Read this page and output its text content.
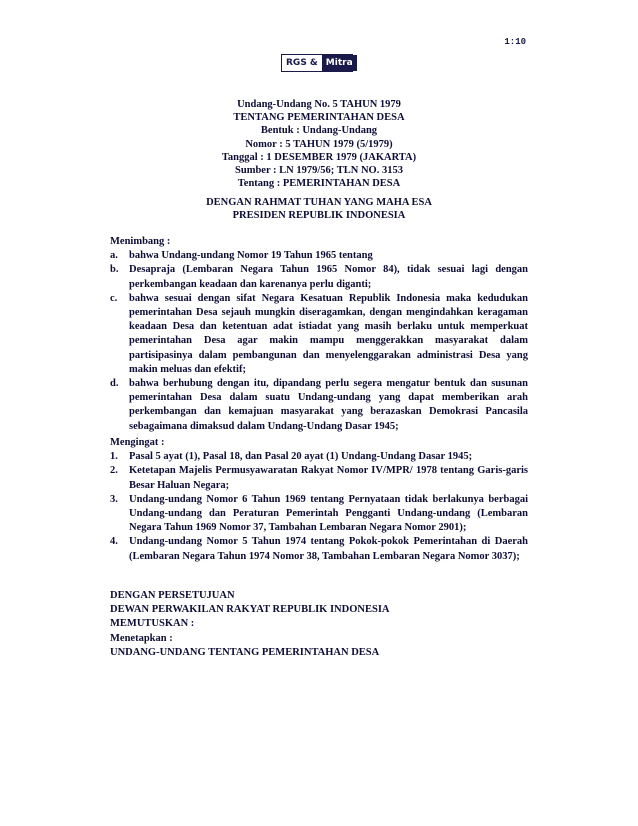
1:10
RGS & Mitra
Undang-Undang No. 5 TAHUN 1979
TENTANG PEMERINTAHAN DESA
Bentuk : Undang-Undang
Nomor : 5 TAHUN 1979 (5/1979)
Tanggal : 1 DESEMBER 1979 (JAKARTA)
Sumber : LN 1979/56; TLN NO. 3153
Tentang : PEMERINTAHAN DESA
DENGAN RAHMAT TUHAN YANG MAHA ESA
PRESIDEN REPUBLIK INDONESIA
Menimbang :
a.	bahwa Undang-undang Nomor 19 Tahun 1965 tentang
b.	Desapraja (Lembaran Negara Tahun 1965 Nomor 84), tidak sesuai lagi dengan perkembangan keadaan dan karenanya perlu diganti;
c.	bahwa sesuai dengan sifat Negara Kesatuan Republik Indonesia maka kedudukan pemerintahan Desa sejauh mungkin diseragamkan, dengan mengindahkan keragaman keadaan Desa dan ketentuan adat istiadat yang masih berlaku untuk memperkuat pemerintahan Desa agar makin mampu menggerakkan masyarakat dalam partisipasinya dalam pembangunan dan menyelenggarakan administrasi Desa yang makin meluas dan efektif;
d.	bahwa berhubung dengan itu, dipandang perlu segera mengatur bentuk dan susunan pemerintahan Desa dalam suatu Undang-undang yang dapat memberikan arah perkembangan dan kemajuan masyarakat yang berazaskan Demokrasi Pancasila sebagaimana dimaksud dalam Undang-Undang Dasar 1945;
Mengingat :
1.	Pasal 5 ayat (1), Pasal 18, dan Pasal 20 ayat (1) Undang-Undang Dasar 1945;
2.	Ketetapan Majelis Permusyawaratan Rakyat Nomor IV/MPR/ 1978 tentang Garis-garis Besar Haluan Negara;
3.	Undang-undang Nomor 6 Tahun 1969 tentang Pernyataan tidak berlakunya berbagai Undang-undang dan Peraturan Pemerintah Pengganti Undang-undang (Lembaran Negara Tahun 1969 Nomor 37, Tambahan Lembaran Negara Nomor 2901);
4.	Undang-undang Nomor 5 Tahun 1974 tentang Pokok-pokok Pemerintahan di Daerah (Lembaran Negara Tahun 1974 Nomor 38, Tambahan Lembaran Negara Nomor 3037);
DENGAN PERSETUJUAN
DEWAN PERWAKILAN RAKYAT REPUBLIK INDONESIA
MEMUTUSKAN :
Menetapkan :
UNDANG-UNDANG TENTANG PEMERINTAHAN DESA
